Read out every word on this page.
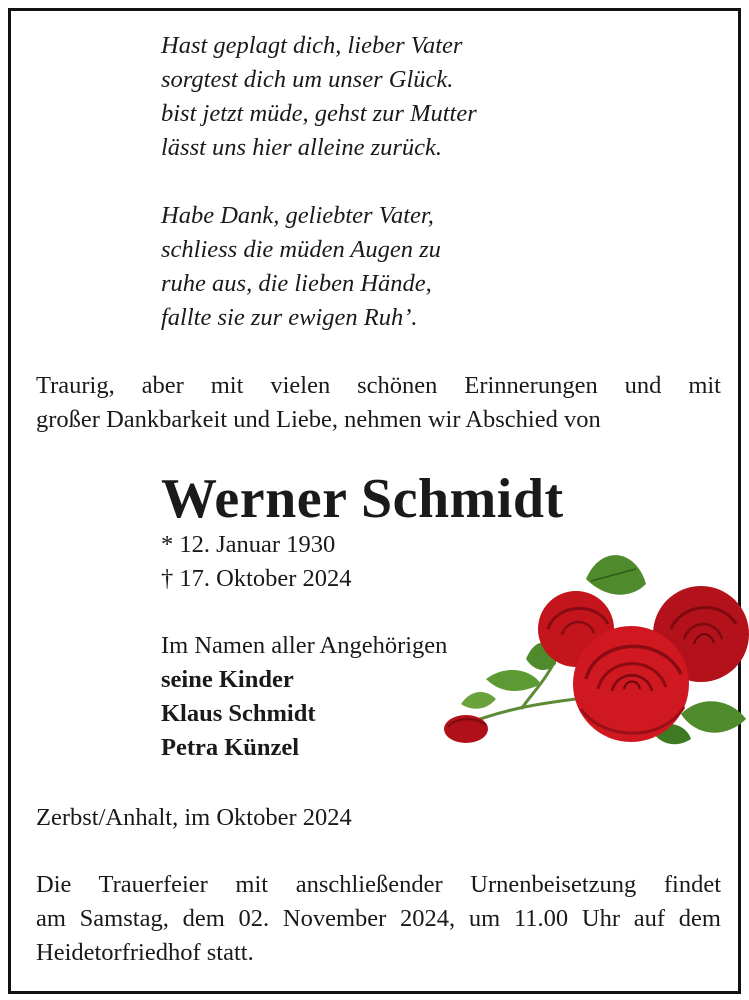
Hast geplagt dich, lieber Vater
sorgtest dich um unser Glück.
bist jetzt müde, gehst zur Mutter
lässt uns hier alleine zurück.
Habe Dank, geliebter Vater,
schliess die müden Augen zu
ruhe aus, die lieben Hände,
fallte sie zur ewigen Ruh’.
Traurig, aber mit vielen schönen Erinnerungen und mit
großer Dankbarkeit und Liebe, nehmen wir Abschied von
Werner Schmidt
* 12. Januar 1930
† 17. Oktober 2024
Im Namen aller Angehörigen
seine Kinder
Klaus Schmidt
Petra Künzel
Zerbst/Anhalt, im Oktober 2024
Die Trauerfeier mit anschließender Urnenbeisetzung findet
am Samstag, dem 02. November 2024, um 11.00 Uhr auf dem
Heidetorfriedhof statt.
